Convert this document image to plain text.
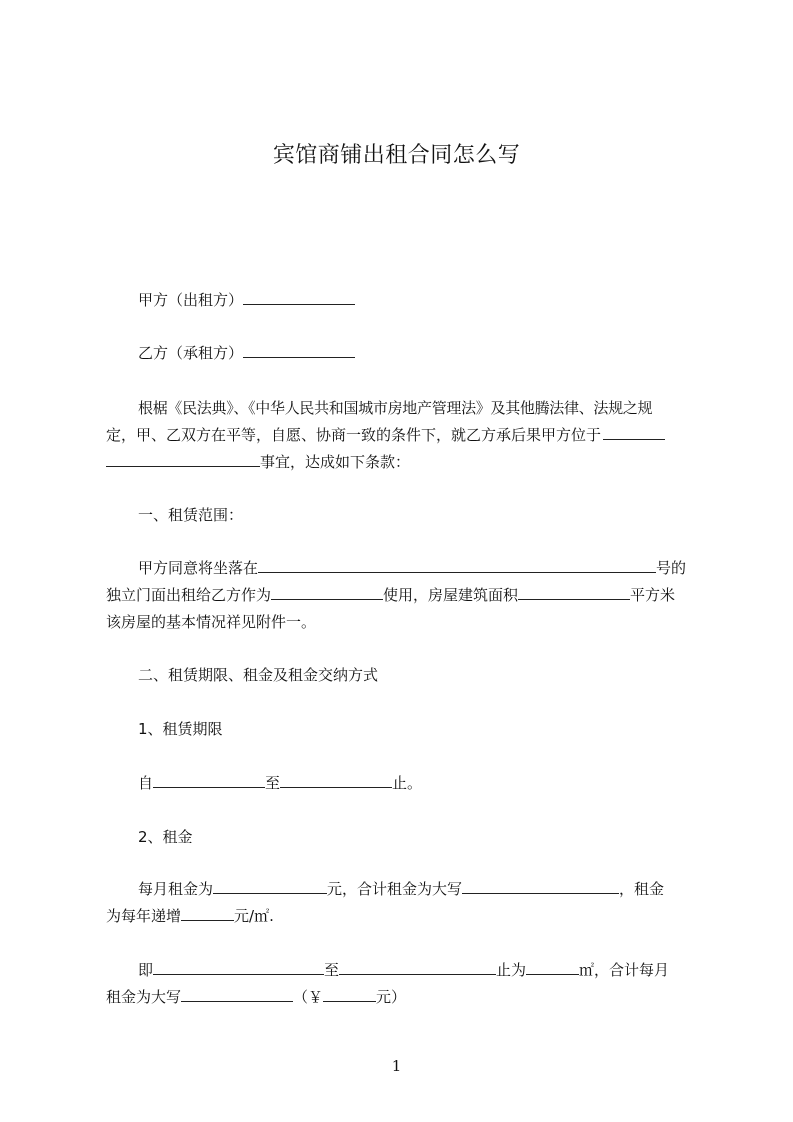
宾馆商铺出租合同怎么写
甲方（出租方）
乙方（承租方）
根椐《民法典》、《中华人民共和国城市房地产管理法》及其他腾法律、法规之规
定，甲、乙双方在平等，自愿、协商一致的条件下，就乙方承后果甲方位于
事宜，达成如下条款：
一、租赁范围：
甲方同意将坐落在	号的
独立门面出租给乙方作为	使用，房屋建筑面积	平方米
该房屋的基本情况祥见附件一。
二、租赁期限、租金及租金交纳方式
1、租赁期限
自	至	止。
2、租金
每月租金为	元，合计租金为大写	，租金
为每年递增	元/㎡.
即	至	止为	㎡，合计每月
租金为大写	（￥	元）
1
